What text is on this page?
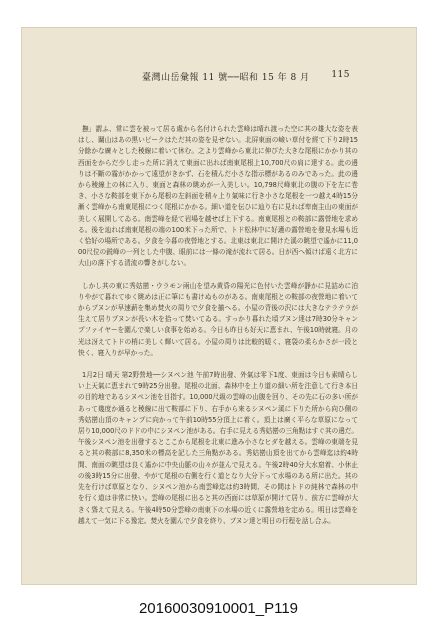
臺灣山岳彙報 11 號──昭和 15 年 8 月 115

撫」謂ふ、常に雲を被って居る處から名付けられた雲峰は晴れ渡った空に其の雄大な姿を表はし、關山はあの黒いピークはただ其の姿を見せない。北屏東面の嶮い草付を經て下り2時15分餘かな廣々とした稜線に着いて休む。之より雲峰から東北に伸びた大きな尾根にかかり其の西面をからだ少し走った所に消えて東面に出れば南東尾根上10,700尺の肩に達する。此の邊りは不斷の霧がかかって遠望がきかず、石を積んだ小さな指示標があるのみであった。此の邊から稜線上の林に入り、東面と森林の眺めが一入美しい。10,798尺峰東北の腹の下を左に巻き、小さな鞍部を東下から尾根の左斜面を稍々上り氣味に行き小さな尾根を一つ越え4時15分漸く雲峰から南東尾根につく尾根にかかる。細い道を伝ひに辿り右に見れば卑南主山の東面が美しく展開してゐる。南雲峰を経て岩場を越せば上下する。南東尾根との鞍部に露營地を求める。後を辿れば南東尾根の端の100米下った所で、トド松林中に好適の露營地を發見水場も近く恰好の場所である。夕食を今暮の夜營地とする。北東は東北に開けた溪の眺望で遙かに11,000尺位の鋭峰の一列とした中腹、眼前には一條の滝が流れて居る。日が西へ傾けば遠く北方に大山の落下する清流の響きがしない。

しかし其の東に秀姑巒・ウラモン兩山を望み黄昏の陽光に色付いた雲峰が靜かに見詰めに泊りやがて暮れてゆく眺めは正に筆にも書けぬものがある。南東尾根との鞍部の夜營地に着いてからブヌンが早速薪を集め焚火の周りで夕食を揃へる。小屋の背後の沢には大きなテラテラが生えて居りプヌンが長い木を拾って焚いてゐる。すっかり暮れた頃ブヌン達は7時30分キャンプファイヤーを圍んで楽しい食事を始める。今日も昨日も好天に恵まれ、午後10時就寝。月の光は冴えてトドの梢に美しく輝いて居る。小屋の周りは比較的暖く、寝袋の柔らかさが一段と快く、寝入りが早かった。

1月2日 晴天 第2野營地──シヌペン池 午前7時出發、外氣は零下1度、東面は今日も素晴らしい上天氣に恵まれて9時25分出發。尾根の北面、森林中を上り道の細い所を注意して行き本日の目的地であるシヌペン池を目指す。10,000尺級の雲峰の山腹を回り、その先に石の多い所があって幾度か通ると稜線に出て鞍部に下り、右手から來るシヌペン溪に下りた所から向ひ側の秀姑巒山頂のキャンプに向かって午前10時55分頂上に着く。頂上は廣く平らな草原になって居り10,000尺のドドの中にシヌペン池がある。右手に見える秀姑巒の三角點はすぐ其の邊だ。午後シヌペン池を出發するとここから尾根を北東に進み小さなヒダを越える。雲峰の東端を見ると其の鞍部に8,350米の標高を記した三角點がある。秀姑巒山頂を出てから雲峰迄は約4時間、南面の眺望は良く遙かに中央山脈の山々が並んで見える。午後2時40分大水窟着、小休止の後3時15分に出發、やがて尾根の右側を行く道となり大分下って水場のある所に出た。其の先を行けば草原となり、シヌペン池から南雲峰迄は約3時間、その間はトドの純林で森林の中を行く道は非常に快い。雲峰の尾根に出ると其の西面には草原が開けて居り、前方に雲峰が大きく聳えて見える。午後4時50分雲峰の南東下の水場の近くに露營地を定める。明日は雲峰を越えて一気に下る豫定。焚火を圍んで夕食を終り、ブヌン達と明日の行程を話し合ふ。

20160030910001_P119
